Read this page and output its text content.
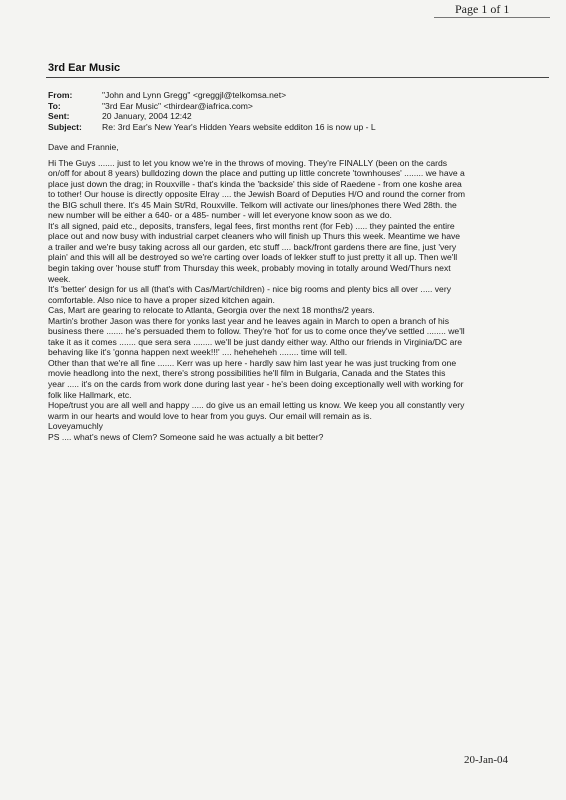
Page 1 of 1
3rd Ear Music
From:	"John and Lynn Gregg" <greggjl@telkomsa.net>
To:	"3rd Ear Music" <thirdear@iafrica.com>
Sent:	20 January, 2004 12:42
Subject:	Re: 3rd Ear's New Year's Hidden Years website edditon 16 is now up - L
Dave and Frannie,
Hi The Guys ....... just to let you know we're in the throws of moving. They're FINALLY (been on the cards
on/off for about 8 years) bulldozing down the place and putting up little concrete 'townhouses' ........ we have a
place just down the drag; in Rouxville - that's kinda the 'backside' this side of Raedene - from one koshe area
to tother! Our house is directly opposite Elray .... the Jewish Board of Deputies H/O and round the corner from
the BIG schull there. It's 45 Main St/Rd, Rouxville. Telkom will activate our lines/phones there Wed 28th. the
new number will be either a 640- or a 485- number - will let everyone know soon as we do.
It's all signed, paid etc., deposits, transfers, legal fees, first months rent (for Feb) ..... they painted the entire
place out and now busy with industrial carpet cleaners who will finish up Thurs this week. Meantime we have
a trailer and we're busy taking across all our garden, etc stuff .... back/front gardens there are fine, just 'very
plain' and this will all be destroyed so we're carting over loads of lekker stuff to just pretty it all up. Then we'll
begin taking over 'house stuff' from Thursday this week, probably moving in totally around Wed/Thurs next
week.
It's 'better' design for us all (that's with Cas/Mart/children) - nice big rooms and plenty bics all over ..... very
comfortable. Also nice to have a proper sized kitchen again.
Cas, Mart are gearing to relocate to Atlanta, Georgia over the next 18 months/2 years.
Martin's brother Jason was there for yonks last year and he leaves again in March to open a branch of his
business there ....... he's persuaded them to follow. They're 'hot' for us to come once they've settled ........ we'll
take it as it comes ....... que sera sera ........ we'll be just dandy either way. Altho our friends in Virginia/DC are
behaving like it's 'gonna happen next week!!!' .... heheheheh ........ time will tell.
Other than that we're all fine ....... Kerr was up here - hardly saw him last year he was just trucking from one
movie headlong into the next, there's strong possibilities he'll film in Bulgaria, Canada and the States this
year ..... it's on the cards from work done during last year - he's been doing exceptionally well with working for
folk like Hallmark, etc.
Hope/trust you are all well and happy ..... do give us an email letting us know. We keep you all constantly very
warm in our hearts and would love to hear from you guys. Our email will remain as is.
Loveyamuchly
PS .... what's news of Clem? Someone said he was actually a bit better?
20-Jan-04
